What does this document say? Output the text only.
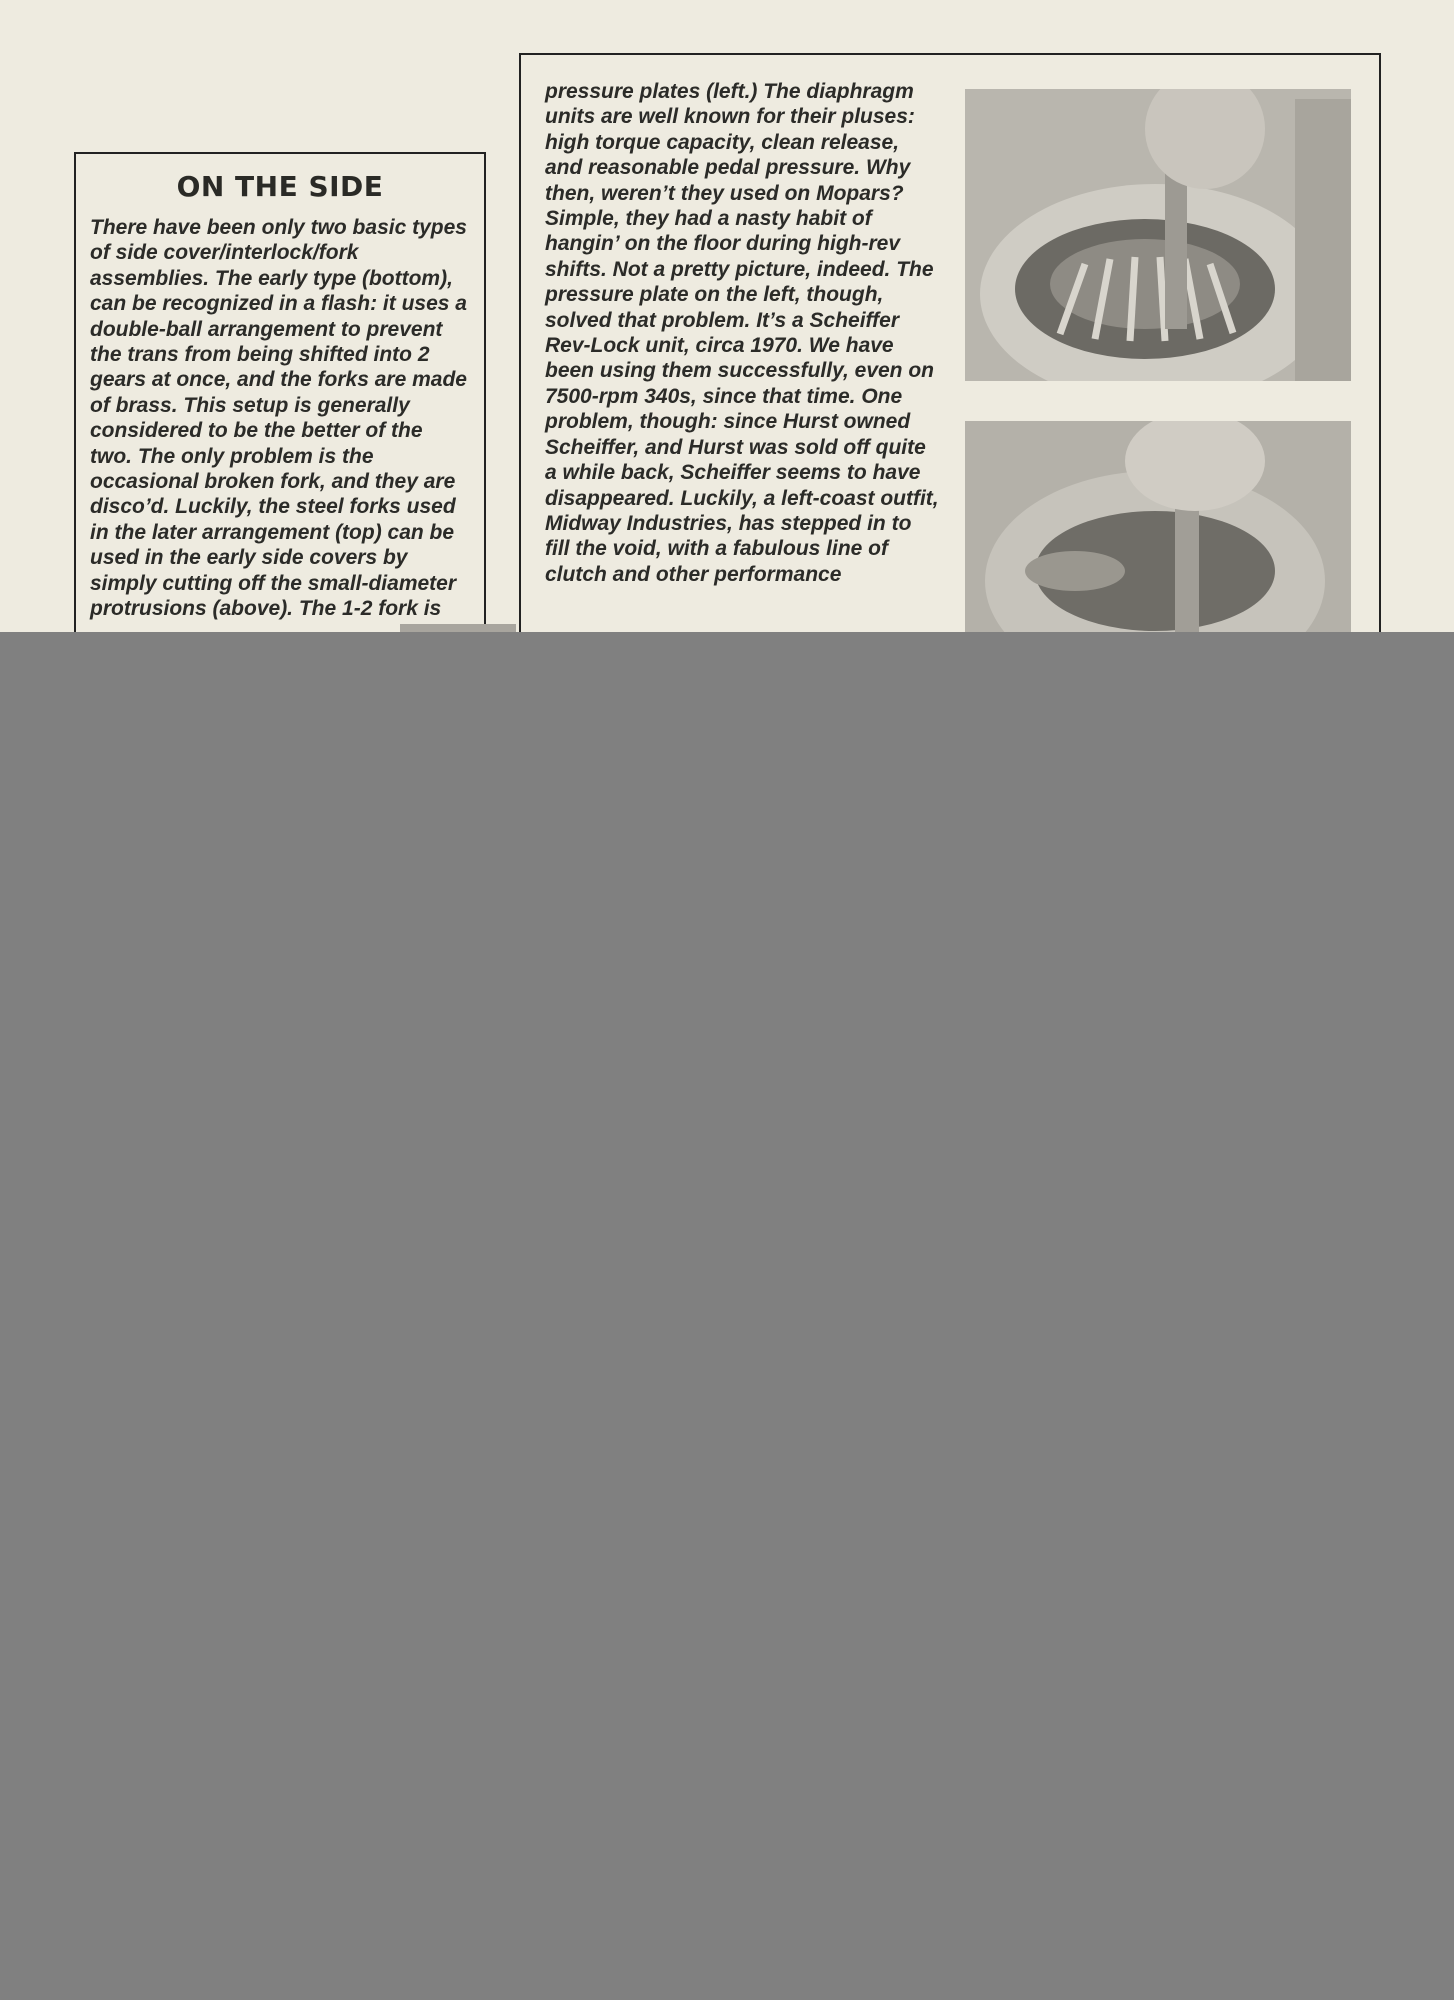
ON THE SIDE
There have been only two basic types of side cover/interlock/fork assemblies. The early type (bottom), can be recognized in a flash: it uses a double-ball arrangement to prevent the trans from being shifted into 2 gears at once, and the forks are made of brass. This setup is generally considered to be the better of the two. The only problem is the occasional broken fork, and they are disco’d. Luckily, the steel forks used in the later arrangement (top) can be used in the early side covers by simply cutting off the small-diameter protrusions (above). The 1-2 fork is
pressure plates (left.) The diaphragm units are well known for their pluses: high torque capacity, clean release, and reasonable pedal pressure. Why then, weren’t they used on Mopars? Simple, they had a nasty habit of hangin’ on the floor during high-rev shifts. Not a pretty picture, indeed. The pressure plate on the left, though, solved that problem. It’s a Scheiffer Rev-Lock unit, circa 1970. We have been using them successfully, even on 7500-rpm 340s, since that time. One problem, though: since Hurst owned Scheiffer, and Hurst was sold off quite a while back, Scheiffer seems to have disappeared. Luckily, a left-coast outfit, Midway Industries, has stepped in to fill the void, with a fabulous line of clutch and other performance
